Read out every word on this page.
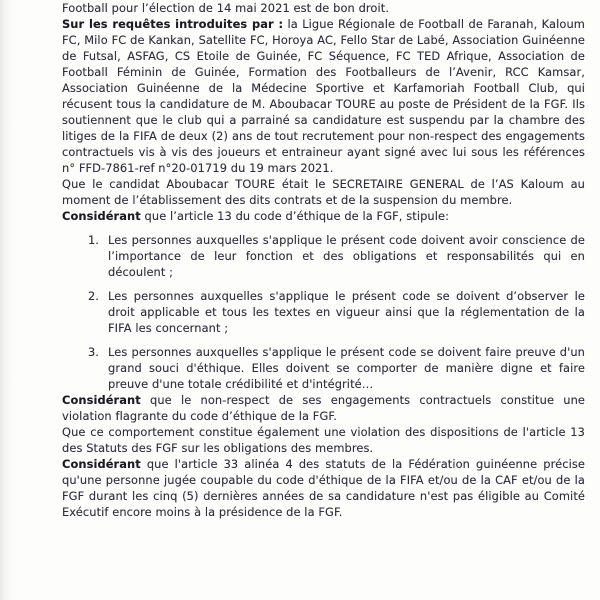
Football pour l’élection de 14 mai 2021 est de bon droit.

Sur les requêtes introduites par : la Ligue Régionale de Football de Faranah, Kaloum FC, Milo FC de Kankan, Satellite FC, Horoya AC, Fello Star de Labé, Association Guinéenne de Futsal, ASFAG, CS Etoile de Guinée, FC Séquence, FC TED Afrique, Association de Football Féminin de Guinée, Formation des Footballeurs de l’Avenir, RCC Kamsar, Association Guinéenne de la Médecine Sportive et Karfamoriah Football Club, qui récusent tous la candidature de M. Aboubacar TOURE au poste de Président de la FGF. Ils soutiennent que le club qui a parrainé sa candidature est suspendu par la chambre des litiges de la FIFA de deux (2) ans de tout recrutement pour non-respect des engagements contractuels vis à vis des joueurs et entraineur ayant signé avec lui sous les références n° FFD-7861-ref n°20-01719 du 19 mars 2021.

Que le candidat Aboubacar TOURE était le SECRETAIRE GENERAL de l’AS Kaloum au moment de l’établissement des dits contrats et de la suspension du membre.

Considérant que l’article 13 du code d’éthique de la FGF, stipule:

1. Les personnes auxquelles s'applique le présent code doivent avoir conscience de l’importance de leur fonction et des obligations et responsabilités qui en découlent ;
2. Les personnes auxquelles s'applique le présent code se doivent d’observer le droit applicable et tous les textes en vigueur ainsi que la réglementation de la FIFA les concernant ;
3. Les personnes auxquelles s'applique le présent code se doivent faire preuve d'un grand souci d'éthique. Elles doivent se comporter de manière digne et faire preuve d'une totale crédibilité et d'intégrité…

Considérant que le non-respect de ses engagements contractuels constitue une violation flagrante du code d’éthique de la FGF.

Que ce comportement constitue également une violation des dispositions de l'article 13 des Statuts des FGF sur les obligations des membres.

Considérant que l'article 33 alinéa 4 des statuts de la Fédération guinéenne précise qu'une personne jugée coupable du code d'éthique de la FIFA et/ou de la CAF et/ou de la FGF durant les cinq (5) dernières années de sa candidature n'est pas éligible au Comité Exécutif encore moins à la présidence de la FGF.
